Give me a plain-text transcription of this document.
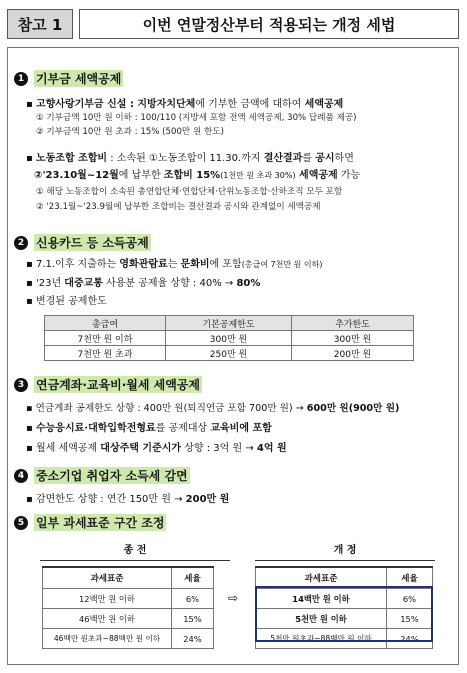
참고 1	이번 연말정산부터 적용되는 개정 세법
1 기부금 세액공제
▪ 고향사랑기부금 신설 : 지방자치단체에 기부한 금액에 대하여 세액공제
① 기부금액 10만 원 이하 : 100/110 (지방세 포함 전액 세액공제, 30% 답례품 제공)
② 기부금액 10만 원 초과 : 15% (500만 원 한도)
▪ 노동조합 조합비 : 소속된 ①노동조합이 11.30.까지 결산결과를 공시하면
②'23.10월~12월에 납부한 조합비 15%(1천만 원 초과 30%) 세액공제 가능
① 해당 노동조합이 소속된 총연합단체·연합단체·단위노동조합·산하조직 모두 포함
② '23.1월~'23.9월에 납부한 조합비는 결산결과 공시와 관계없이 세액공제
2 신용카드 등 소득공제
▪ 7.1.이후 지출하는 영화관람료는 문화비에 포함(총급여 7천만 원 이하)
▪ '23년 대중교통 사용분 공제율 상향 : 40% → 80%
▪ 변경된 공제한도
총급여	기본공제한도	추가한도
7천만 원 이하	300만 원	300만 원
7천만 원 초과	250만 원	200만 원
3 연금계좌·교육비·월세 세액공제
▪ 연금계좌 공제한도 상향 : 400만 원(퇴직연금 포함 700만 원) → 600만 원(900만 원)
▪ 수능응시료·대학입학전형료를 공제대상 교육비에 포함
▪ 월세 세액공제 대상주택 기준시가 상향 : 3억 원 → 4억 원
4 중소기업 취업자 소득세 감면
▪ 감면한도 상향 : 연간 150만 원 → 200만 원
5 일부 과세표준 구간 조정
종 전	개 정
과세표준	세율
12백만 원 이하	6%
46백만 원 이하	15%
46백만 원초과~88백만 원 이하	24%
⇨
과세표준	세율
14백만 원 이하	6%
5천만 원 이하	15%
5천만 원초과~88백만 원 이하	24%
